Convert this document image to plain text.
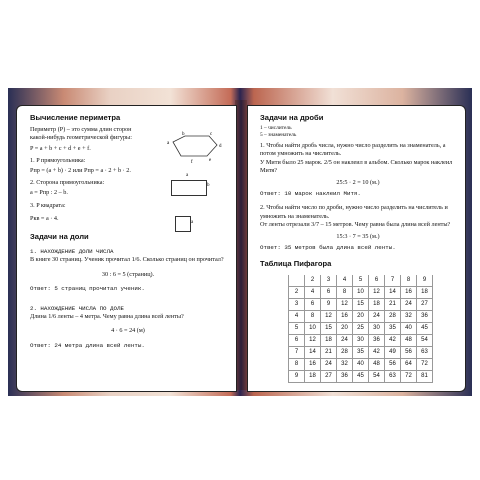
Вычисление периметра
Периметр (P) – это сумма длин сторон какой-нибудь геометрической фигуры:
P = a + b + c + d + e + f.
1. P прямоугольника:
Pпр = (a + b) · 2 или Pпр = a · 2 + b · 2.
2. Сторона прямоугольника:
a = Pпр : 2 – b.
3. P квадрата:
Pкв = a · 4.
Задачи на доли
1. НАХОЖДЕНИЕ ДОЛИ ЧИСЛА
В книге 30 страниц. Ученик прочитал 1/6. Сколько страниц он прочитал?
30 : 6 = 5 (страниц).
Ответ: 5 страниц прочитал ученик.
2. НАХОЖДЕНИЕ ЧИСЛА ПО ДОЛЕ
Длина 1/6 ленты – 4 метра. Чему равна длина всей ленты?
4 · 6 = 24 (м)
Ответ: 24 метра длина всей ленты.
b	c
a
d
f	e
a
b
a
Задачи на дроби
1 – числитель
5 – знаменатель
1. Чтобы найти дробь числа, нужно число разделить на знаменатель, а потом умножить на числитель.
У Мити было 25 марок. 2/5 он наклеил в альбом. Сколько марок наклеил Митя?
25:5 · 2 = 10 (м.)
Ответ: 10 марок наклеил Митя.
2. Чтобы найти число по дроби, нужно число разделить на числитель и умножить на знаменатель.
От ленты отрезали 3/7 – 15 метров. Чему равна была длина всей ленты?
15:3 · 7 = 35 (м.)
Ответ: 35 метров была длина всей ленты.
Таблица Пифагора
	2	3	4	5	6	7	8	9
2	4	6	8	10	12	14	16	18
3	6	9	12	15	18	21	24	27
4	8	12	16	20	24	28	32	36
5	10	15	20	25	30	35	40	45
6	12	18	24	30	36	42	48	54
7	14	21	28	35	42	49	56	63
8	16	24	32	40	48	56	64	72
9	18	27	36	45	54	63	72	81
